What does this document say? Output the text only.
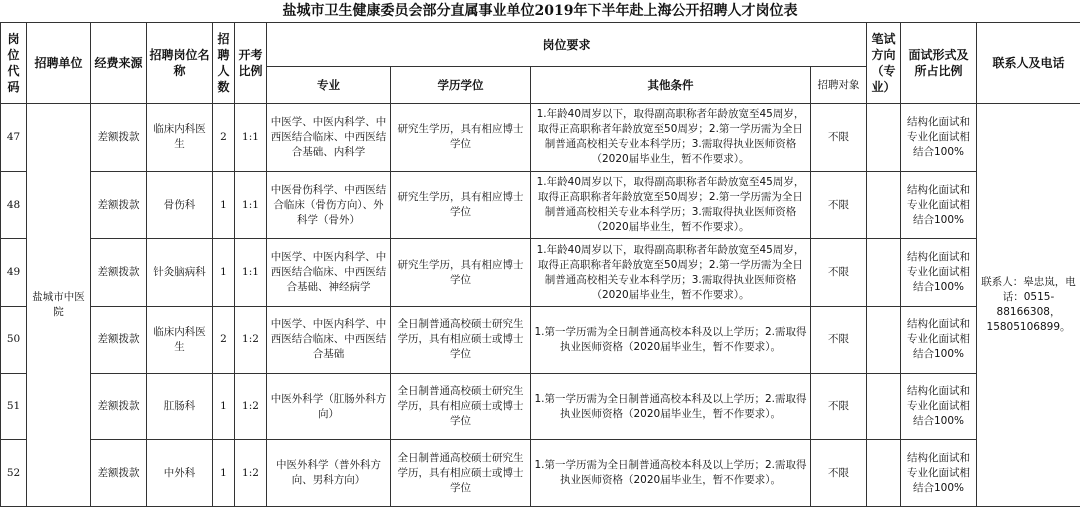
盐城市卫生健康委员会部分直属事业单位2019年下半年赴上海公开招聘人才岗位表
岗位代码	招聘单位	经费来源	招聘岗位名称	招聘人数	开考比例	岗位要求				笔试方向（专业）	面试形式及所占比例	联系人及电话
						专业	学历学位	其他条件	招聘对象			
47	盐城市中医院	差额拨款	临床内科医生	2	1:1	中医学、中医内科学、中西医结合临床、中西医结合基础、内科学	研究生学历，具有相应博士学位	1.年龄40周岁以下，取得副高职称者年龄放宽至45周岁，取得正高职称者年龄放宽至50周岁；2.第一学历需为全日制普通高校相关专业本科学历；3.需取得执业医师资格（2020届毕业生，暂不作要求）。	不限		结构化面试和专业化面试相结合100%	联系人：皋忠岚，电话：0515-88166308，15805106899。
48		差额拨款	骨伤科	1	1:1	中医骨伤科学、中西医结合临床（骨伤方向）、外科学（骨外）	研究生学历，具有相应博士学位	1.年龄40周岁以下，取得副高职称者年龄放宽至45周岁，取得正高职称者年龄放宽至50周岁；2.第一学历需为全日制普通高校相关专业本科学历；3.需取得执业医师资格（2020届毕业生，暂不作要求）。	不限		结构化面试和专业化面试相结合100%	
49		差额拨款	针灸脑病科	1	1:1	中医学、中医内科学、中西医结合临床、中西医结合基础、神经病学	研究生学历，具有相应博士学位	1.年龄40周岁以下，取得副高职称者年龄放宽至45周岁，取得正高职称者年龄放宽至50周岁；2.第一学历需为全日制普通高校相关专业本科学历；3.需取得执业医师资格（2020届毕业生，暂不作要求）。	不限		结构化面试和专业化面试相结合100%	
50		差额拨款	临床内科医生	2	1:2	中医学、中医内科学、中西医结合临床、中西医结合基础	全日制普通高校硕士研究生学历，具有相应硕士或博士学位	1.第一学历需为全日制普通高校本科及以上学历；2.需取得执业医师资格（2020届毕业生，暂不作要求）。	不限		结构化面试和专业化面试相结合100%	
51		差额拨款	肛肠科	1	1:2	中医外科学（肛肠外科方向）	全日制普通高校硕士研究生学历，具有相应硕士或博士学位	1.第一学历需为全日制普通高校本科及以上学历；2.需取得执业医师资格（2020届毕业生，暂不作要求）。	不限		结构化面试和专业化面试相结合100%	
52		差额拨款	中外科	1	1:2	中医外科学（普外科方向、男科方向）	全日制普通高校硕士研究生学历，具有相应硕士或博士学位	1.第一学历需为全日制普通高校本科及以上学历；2.需取得执业医师资格（2020届毕业生，暂不作要求）。	不限		结构化面试和专业化面试相结合100%	
